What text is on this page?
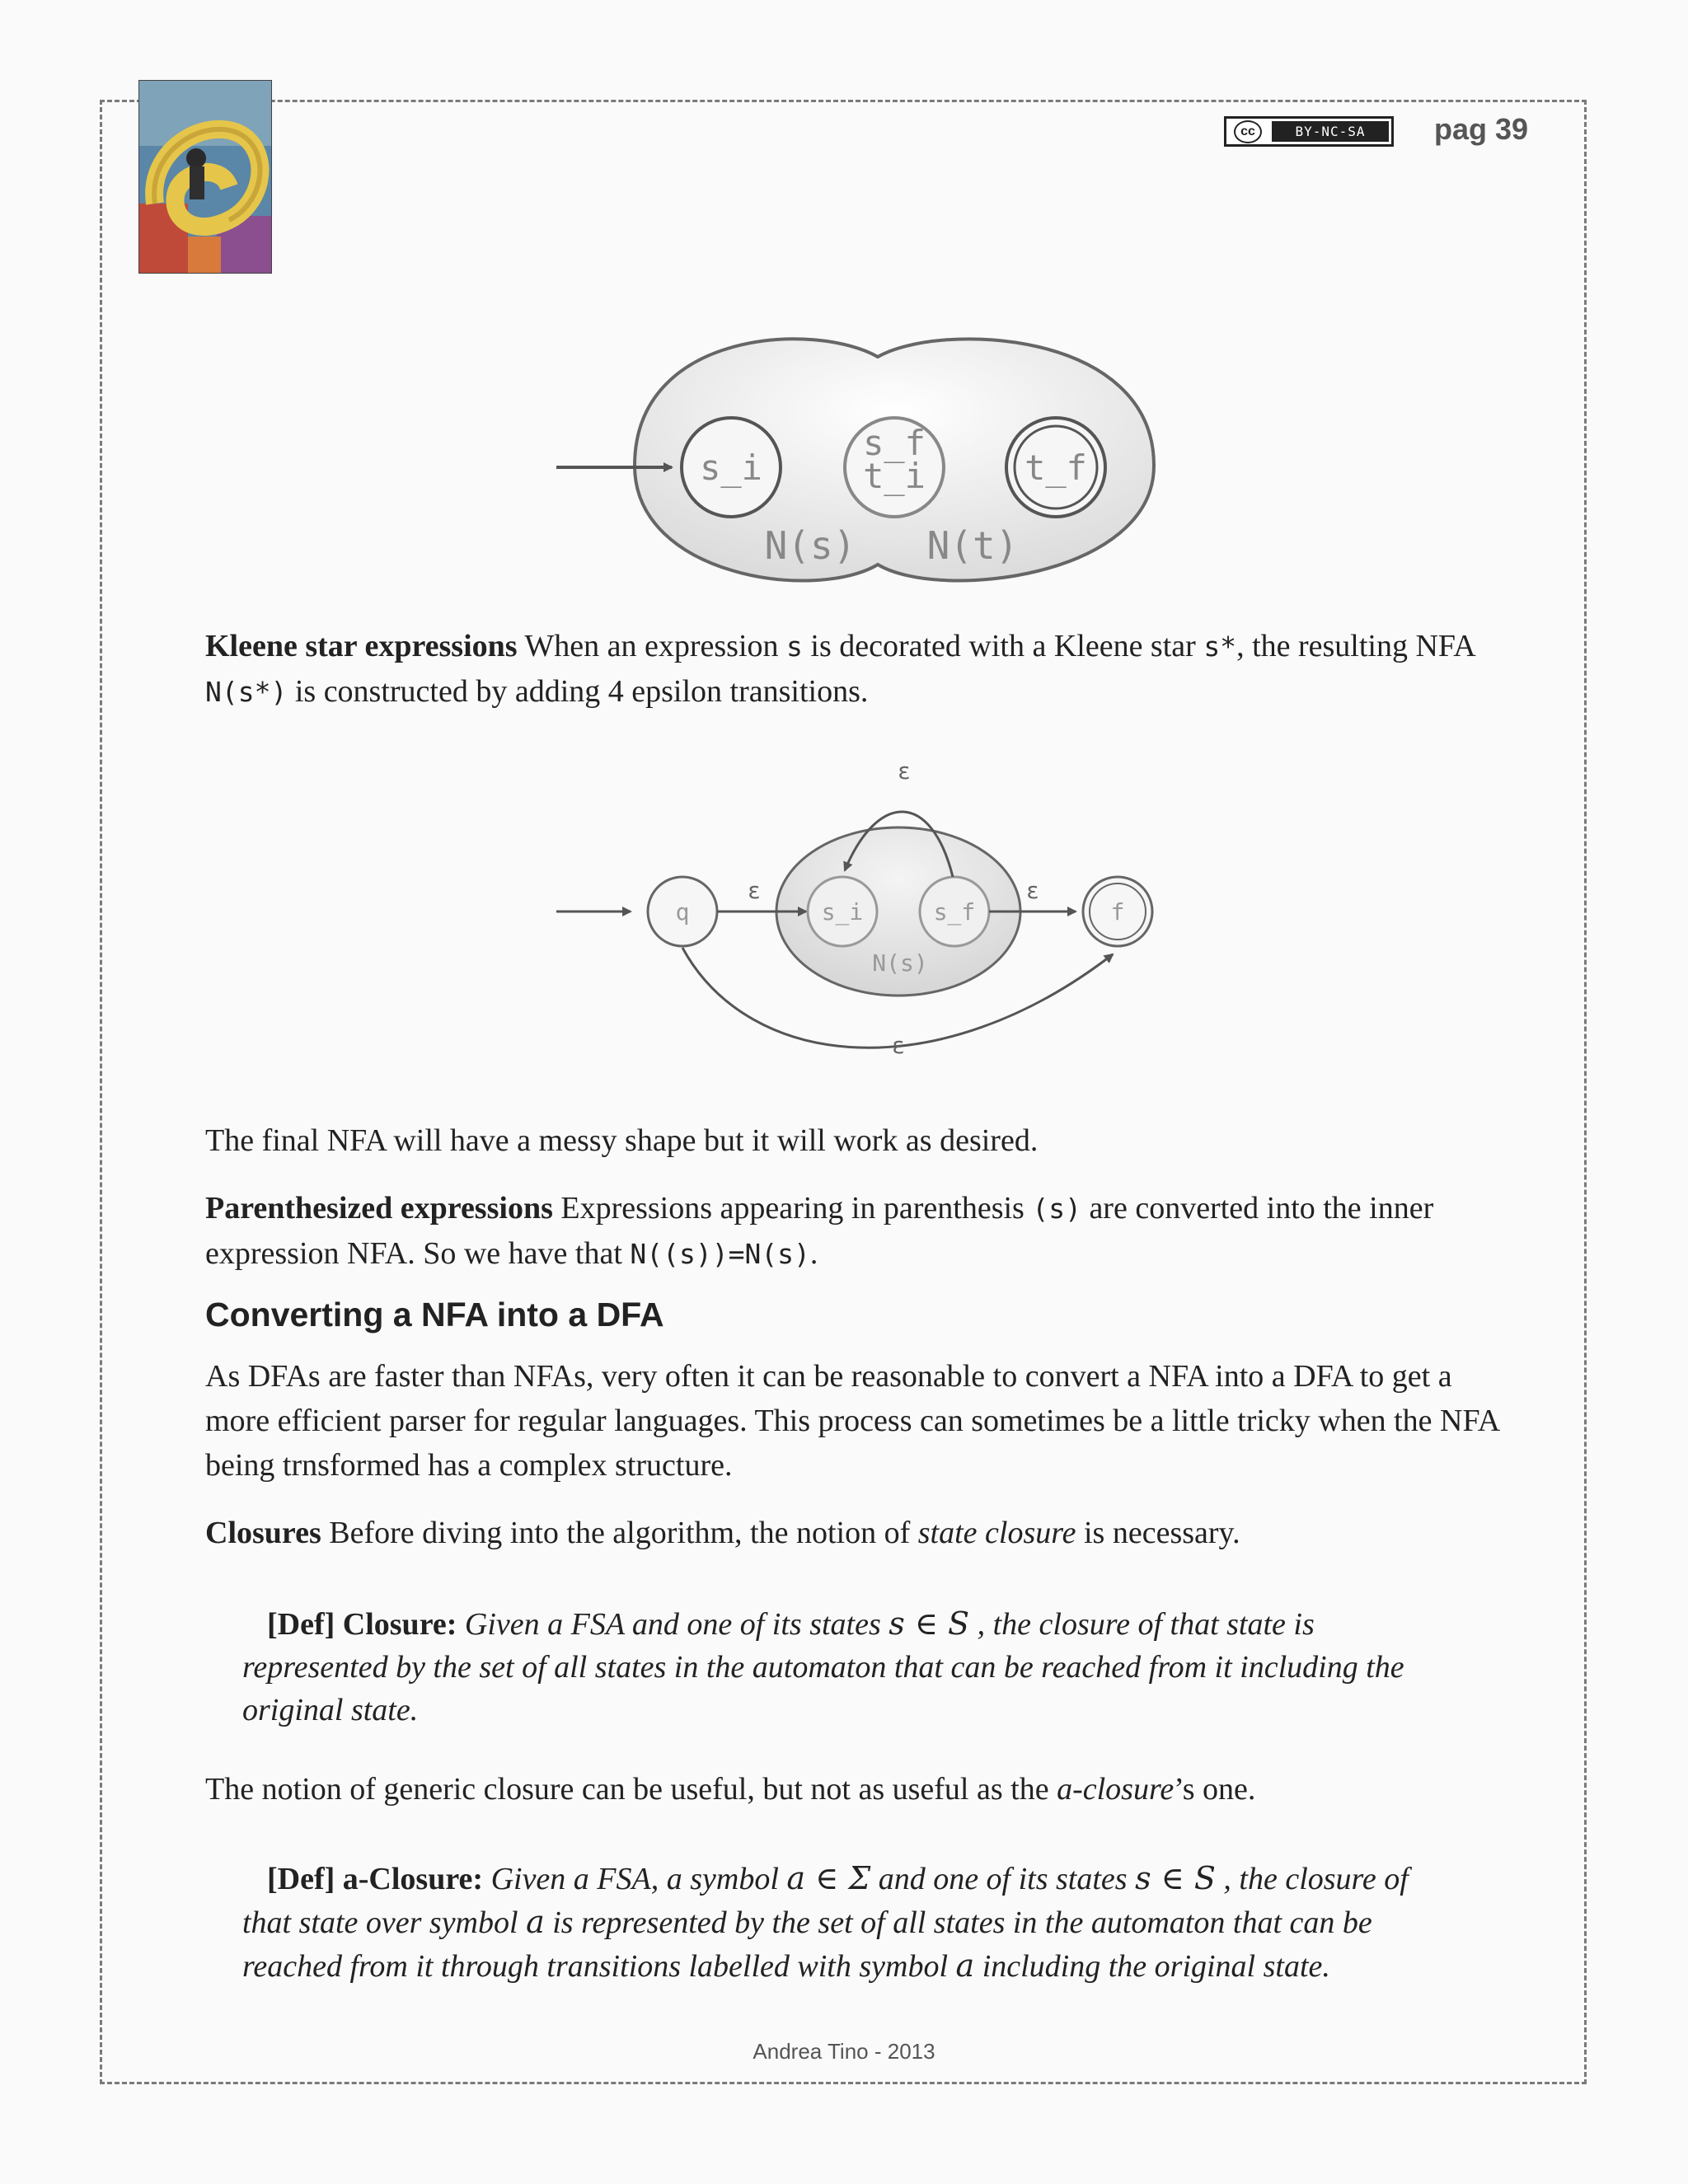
cc	BY-NC-SA	pag 39
s_i
s_f
t_i	t_f
N(s) N(t)
Kleene star expressions When an expression s is decorated with a Kleene star s*, the resulting NFA N(s*) is constructed by adding 4 epsilon transitions.
q
ε
s_i	s_f
ε
ε
f
N(s)
ε
The final NFA will have a messy shape but it will work as desired.
Parenthesized expressions Expressions appearing in parenthesis (s) are converted into the inner expression NFA. So we have that N((s))=N(s).
Converting a NFA into a DFA
As DFAs are faster than NFAs, very often it can be reasonable to convert a NFA into a DFA to get a more efficient parser for regular languages. This process can sometimes be a little tricky when the NFA being trnsformed has a complex structure.
Closures Before diving into the algorithm, the notion of state closure is necessary.
[Def] Closure: Given a FSA and one of its states s ∈ S , the closure of that state is represented by the set of all states in the automaton that can be reached from it including the original state.
The notion of generic closure can be useful, but not as useful as the a-closure’s one.
[Def] a-Closure: Given a FSA, a symbol a ∈ Σ and one of its states s ∈ S , the closure of that state over symbol a is represented by the set of all states in the automaton that can be reached from it through transitions labelled with symbol a including the original state.
Andrea Tino - 2013
